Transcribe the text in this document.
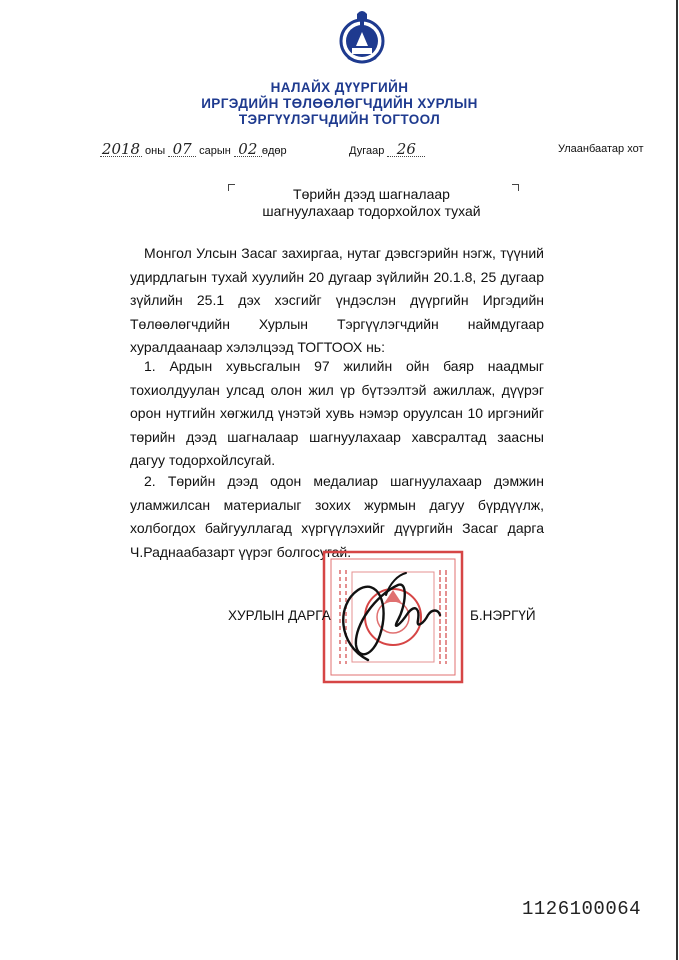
НАЛАЙХ ДҮҮРГИЙН
ИРГЭДИЙН ТӨЛӨӨЛӨГЧДИЙН ХУРЛЫН
ТЭРГҮҮЛЭГЧДИЙН ТОГТООЛ
2018 оны 07 сарын 02 өдөр	Дугаар 26	Улаанбаатар хот
Төрийн дээд шагналаар
шагнуулахаар тодорхойлох тухай
Монгол Улсын Засаг захиргаа, нутаг дэвсгэрийн нэгж, түүний удирдлагын тухай хуулийн 20 дугаар зүйлийн 20.1.8, 25 дугаар зүйлийн 25.1 дэх хэсгийг үндэслэн дүүргийн Иргэдийн Төлөөлөгчдийн Хурлын Тэргүүлэгчдийн наймдугаар хуралдаанаар хэлэлцээд ТОГТООХ нь:
1. Ардын хувьсгалын 97 жилийн ойн баяр наадмыг тохиолдуулан улсад олон жил үр бүтээлтэй ажиллаж, дүүрэг орон нутгийн хөгжилд үнэтэй хувь нэмэр оруулсан 10 иргэнийг төрийн дээд шагналаар шагнуулахаар хавсралтад заасны дагуу тодорхойлсугай.
2. Төрийн дээд одон медалиар шагнуулахаар дэмжин уламжилсан материалыг зохих журмын дагуу бүрдүүлж, холбогдох байгууллагад хүргүүлэхийг дүүргийн Засаг дарга Ч.Раднаабазарт үүрэг болгосугай.
ХУРЛЫН ДАРГА	Б.НЭРГҮЙ
1126100064
